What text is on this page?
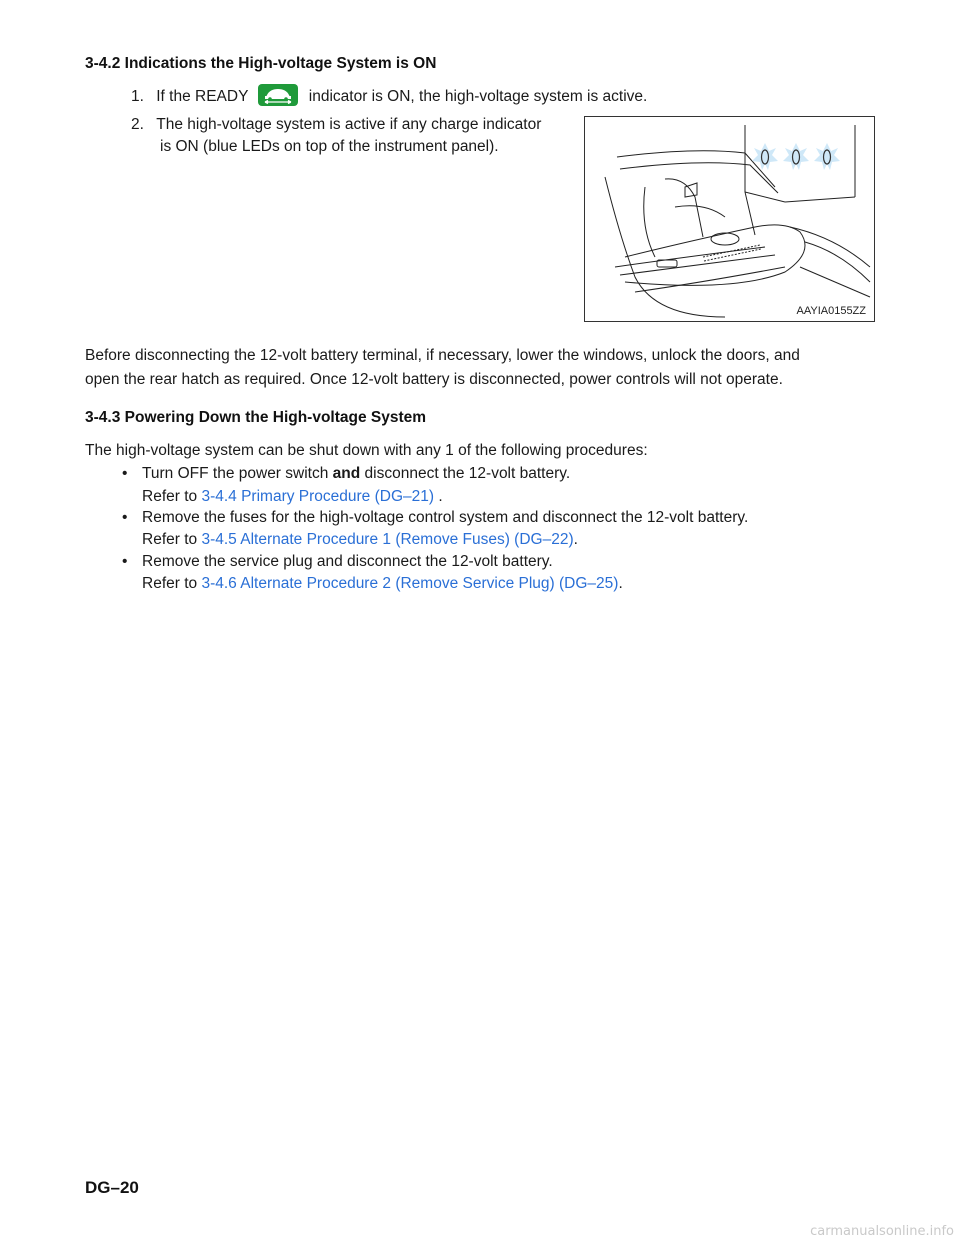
3-4.2 Indications the High-voltage System is ON

1. If the READY	indicator is ON, the high-voltage system is active.

2. The high-voltage system is active if any charge indicator

is ON (blue LEDs on top of the instrument panel).

AAYIA0155ZZ

Before disconnecting the 12-volt battery terminal, if necessary, lower the windows, unlock the doors, and

open the rear hatch as required. Once 12-volt battery is disconnected, power controls will not operate.

3-4.3 Powering Down the High-voltage System

The high-voltage system can be shut down with any 1 of the following procedures:

• Turn OFF the power switch and disconnect the 12-volt battery.

Refer to 3-4.4 Primary Procedure (DG–21) .

• Remove the fuses for the high-voltage control system and disconnect the 12-volt battery.

Refer to 3-4.5 Alternate Procedure 1 (Remove Fuses) (DG–22).

• Remove the service plug and disconnect the 12-volt battery.

Refer to 3-4.6 Alternate Procedure 2 (Remove Service Plug) (DG–25).

DG–20
carmanualsonline.info
